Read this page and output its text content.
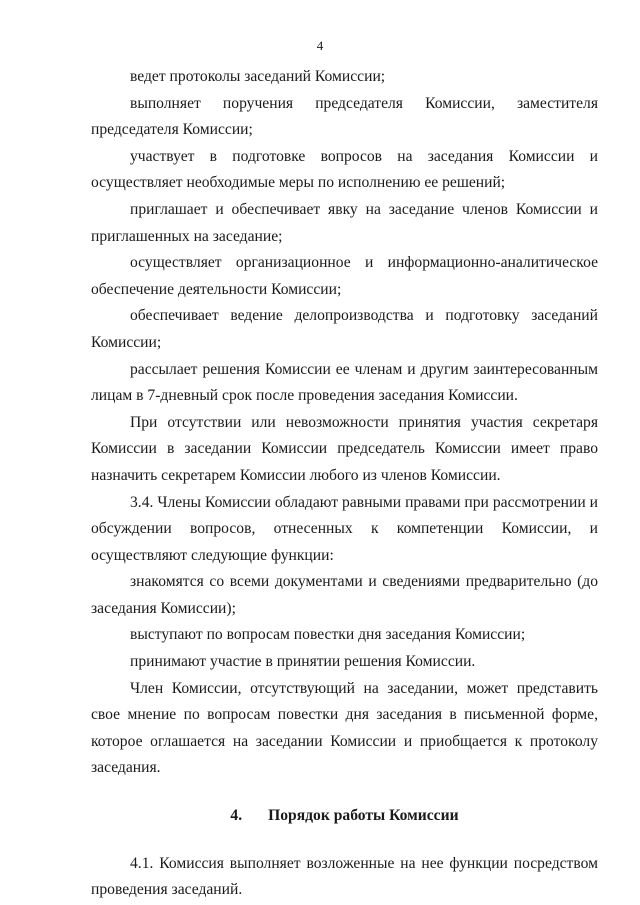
4

ведет протоколы заседаний Комиссии;

выполняет поручения председателя Комиссии, заместителя председателя Комиссии;

участвует в подготовке вопросов на заседания Комиссии и осуществляет необходимые меры по исполнению ее решений;

приглашает и обеспечивает явку на заседание членов Комиссии и приглашенных на заседание;

осуществляет организационное и информационно-аналитическое обеспечение деятельности Комиссии;

обеспечивает ведение делопроизводства и подготовку заседаний Комиссии;

рассылает решения Комиссии ее членам и другим заинтересованным лицам в 7-дневный срок после проведения заседания Комиссии.

При отсутствии или невозможности принятия участия секретаря Комиссии в заседании Комиссии председатель Комиссии имеет право назначить секретарем Комиссии любого из членов Комиссии.

3.4. Члены Комиссии обладают равными правами при рассмотрении и обсуждении вопросов, отнесенных к компетенции Комиссии, и осуществляют следующие функции:

знакомятся со всеми документами и сведениями предварительно (до заседания Комиссии);

выступают по вопросам повестки дня заседания Комиссии;

принимают участие в принятии решения Комиссии.

Член Комиссии, отсутствующий на заседании, может представить свое мнение по вопросам повестки дня заседания в письменной форме, которое оглашается на заседании Комиссии и приобщается к протоколу заседания.

4. Порядок работы Комиссии

4.1. Комиссия выполняет возложенные на нее функции посредством проведения заседаний.
